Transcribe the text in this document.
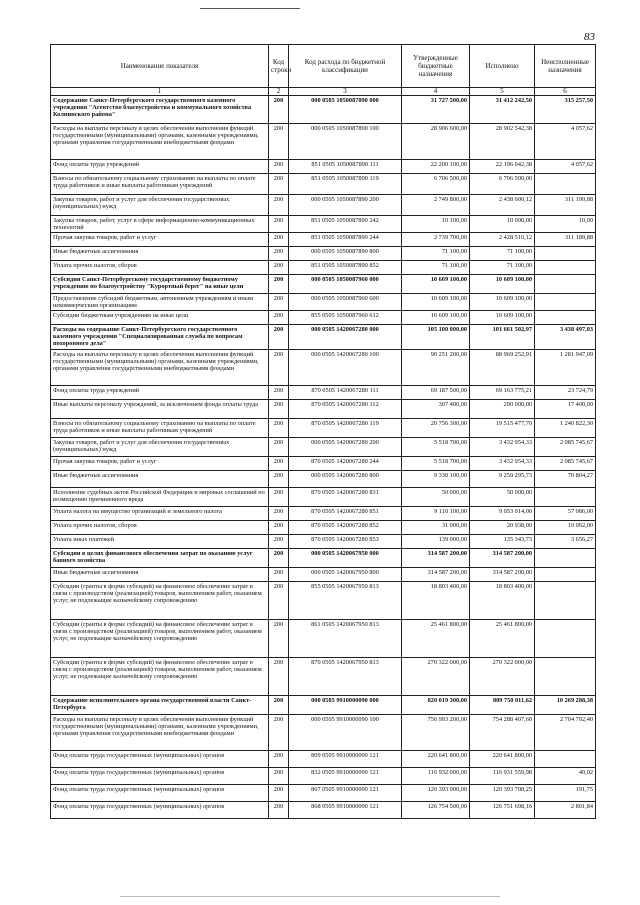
83
Наименование показателя	Код строки	Код расхода по бюджетной классификации	Утвержденные бюджетные назначения	Исполнено	Неисполненные назначения
1	2	3	4	5	6
Содержание Санкт-Петербургского государственного казенного учреждения "Агентство благоустройства и коммунального хозяйства Колпинского района"	200	000 0505 1050087890 000	31 727 500,00	31 412 242,50	315 257,50
Расходы на выплаты персоналу в целях обеспечения выполнения функций государственными (муниципальными) органами, казенными учреждениями, органами управления государственными внебюджетными фондами	200	000 0505 1050087890 100	28 906 600,00	28 902 542,38	4 057,62
Фонд оплаты труда учреждений	200	851 0505 1050087890 111	22 200 100,00	22 196 042,38	4 057,62
Взносы по обязательному социальному страхованию на выплаты по оплате труда работников и иные выплаты работникам учреждений	200	851 0505 1050087890 119	6 706 500,00	6 706 500,00	
Закупка товаров, работ и услуг для обеспечения государственных (муниципальных) нужд	200	000 0505 1050087890 200	2 749 800,00	2 438 600,12	311 199,88
Закупка товаров, работ, услуг в сфере информационно-коммуникационных технологий	200	851 0505 1050087890 242	10 100,00	10 090,00	10,00
Прочая закупка товаров, работ и услуг	200	851 0505 1050087890 244	2 739 700,00	2 428 510,12	311 189,88
Иные бюджетные ассигнования	200	000 0505 1050087890 800	71 100,00	71 100,00	
Уплата прочих налогов, сборов	200	851 0505 1050087890 852	71 100,00	71 100,00	
Субсидии Санкт-Петербургскому государственному бюджетному учреждению по благоустройству "Курортный берег" на иные цели	200	000 0505 1050087960 000	10 609 100,00	10 609 100,00	
Предоставление субсидий бюджетным, автономным учреждениям и иным некоммерческим организациям	200	000 0505 1050087960 600	10 609 100,00	10 609 100,00	
Субсидии бюджетным учреждениям на иные цели	200	855 0505 1050087960 612	10 609 100,00	10 609 100,00	
Расходы на содержание Санкт-Петербургского государственного казенного учреждения "Специализированная служба по вопросам похоронного дела"	200	000 0505 1420067280 000	105 100 000,00	101 661 502,97	3 438 497,03
Расходы на выплаты персоналу в целях обеспечения выполнения функций государственными (муниципальными) органами, казенными учреждениями, органами управления государственными внебюджетными фондами	200	000 0505 1420067280 100	90 251 200,00	88 969 252,91	1 281 947,09
Фонд оплаты труда учреждений	200	870 0505 1420067280 111	69 187 500,00	69 163 775,21	23 724,79
Иные выплаты персоналу учреждений, за исключением фонда оплаты труда	200	870 0505 1420067280 112	307 400,00	290 000,00	17 400,00
Взносы по обязательному социальному страхованию на выплаты по оплате труда работников и иные выплаты работникам учреждений	200	870 0505 1420067280 119	20 756 300,00	19 515 477,70	1 240 822,30
Закупка товаров, работ и услуг для обеспечения государственных (муниципальных) нужд	200	000 0505 1420067280 200	5 518 700,00	3 432 954,33	2 085 745,67
Прочая закупка товаров, работ и услуг	200	870 0505 1420067280 244	5 518 700,00	3 432 954,33	2 085 745,67
Иные бюджетные ассигнования	200	000 0505 1420067280 800	9 330 100,00	9 259 295,73	70 804,27
Исполнение судебных актов Российской Федерации и мировых соглашений по возмещению причиненного вреда	200	870 0505 1420067280 831	50 000,00	50 000,00	
Уплата налога на имущество организаций и земельного налога	200	870 0505 1420067280 851	9 110 100,00	9 053 014,00	57 086,00
Уплата прочих налогов, сборов	200	870 0505 1420067280 852	31 000,00	20 938,00	10 062,00
Уплата иных платежей	200	870 0505 1420067280 853	139 000,00	135 343,73	3 656,27
Субсидии в целях финансового обеспечения затрат по оказанию услуг банного хозяйства	200	000 0505 1420067950 000	314 587 200,00	314 587 200,00	
Иные бюджетные ассигнования	200	000 0505 1420067950 800	314 587 200,00	314 587 200,00	
Субсидии (гранты в форме субсидий) на финансовое обеспечение затрат в связи с производством (реализацией) товаров, выполнением работ, оказанием услуг, не подлежащие казначейскому сопровождению	200	855 0505 1420067950 813	18 803 400,00	18 803 400,00	
Субсидии (гранты в форме субсидий) на финансовое обеспечение затрат в связи с производством (реализацией) товаров, выполнением работ, оказанием услуг, не подлежащие казначейскому сопровождению	200	861 0505 1420067950 813	25 461 800,00	25 461 800,00	
Субсидии (гранты в форме субсидий) на финансовое обеспечение затрат в связи с производством (реализацией) товаров, выполнением работ, оказанием услуг, не подлежащие казначейскому сопровождению	200	870 0505 1420067950 813	270 322 000,00	270 322 000,00	
Содержание исполнительного органа государственной власти Санкт-Петербурга	200	000 0505 9910000090 000	820 019 300,00	809 750 011,62	10 269 288,38
Расходы на выплаты персоналу в целях обеспечения выполнения функций государственными (муниципальными) органами, казенными учреждениями, органами управления государственными внебюджетными фондами	200	000 0505 9910000090 100	756 993 200,00	754 288 407,60	2 704 792,40
Фонд оплаты труда государственных (муниципальных) органов	200	809 0505 9910000090 121	220 641 800,00	220 641 800,00	
Фонд оплаты труда государственных (муниципальных) органов	200	832 0505 9910000090 121	116 932 000,00	116 931 559,98	40,02
Фонд оплаты труда государственных (муниципальных) органов	200	867 0505 9910000090 121	120 393 900,00	120 393 708,25	191,75
Фонд оплаты труда государственных (муниципальных) органов	200	868 0505 9910000090 121	126 754 500,00	126 751 698,16	2 801,84
